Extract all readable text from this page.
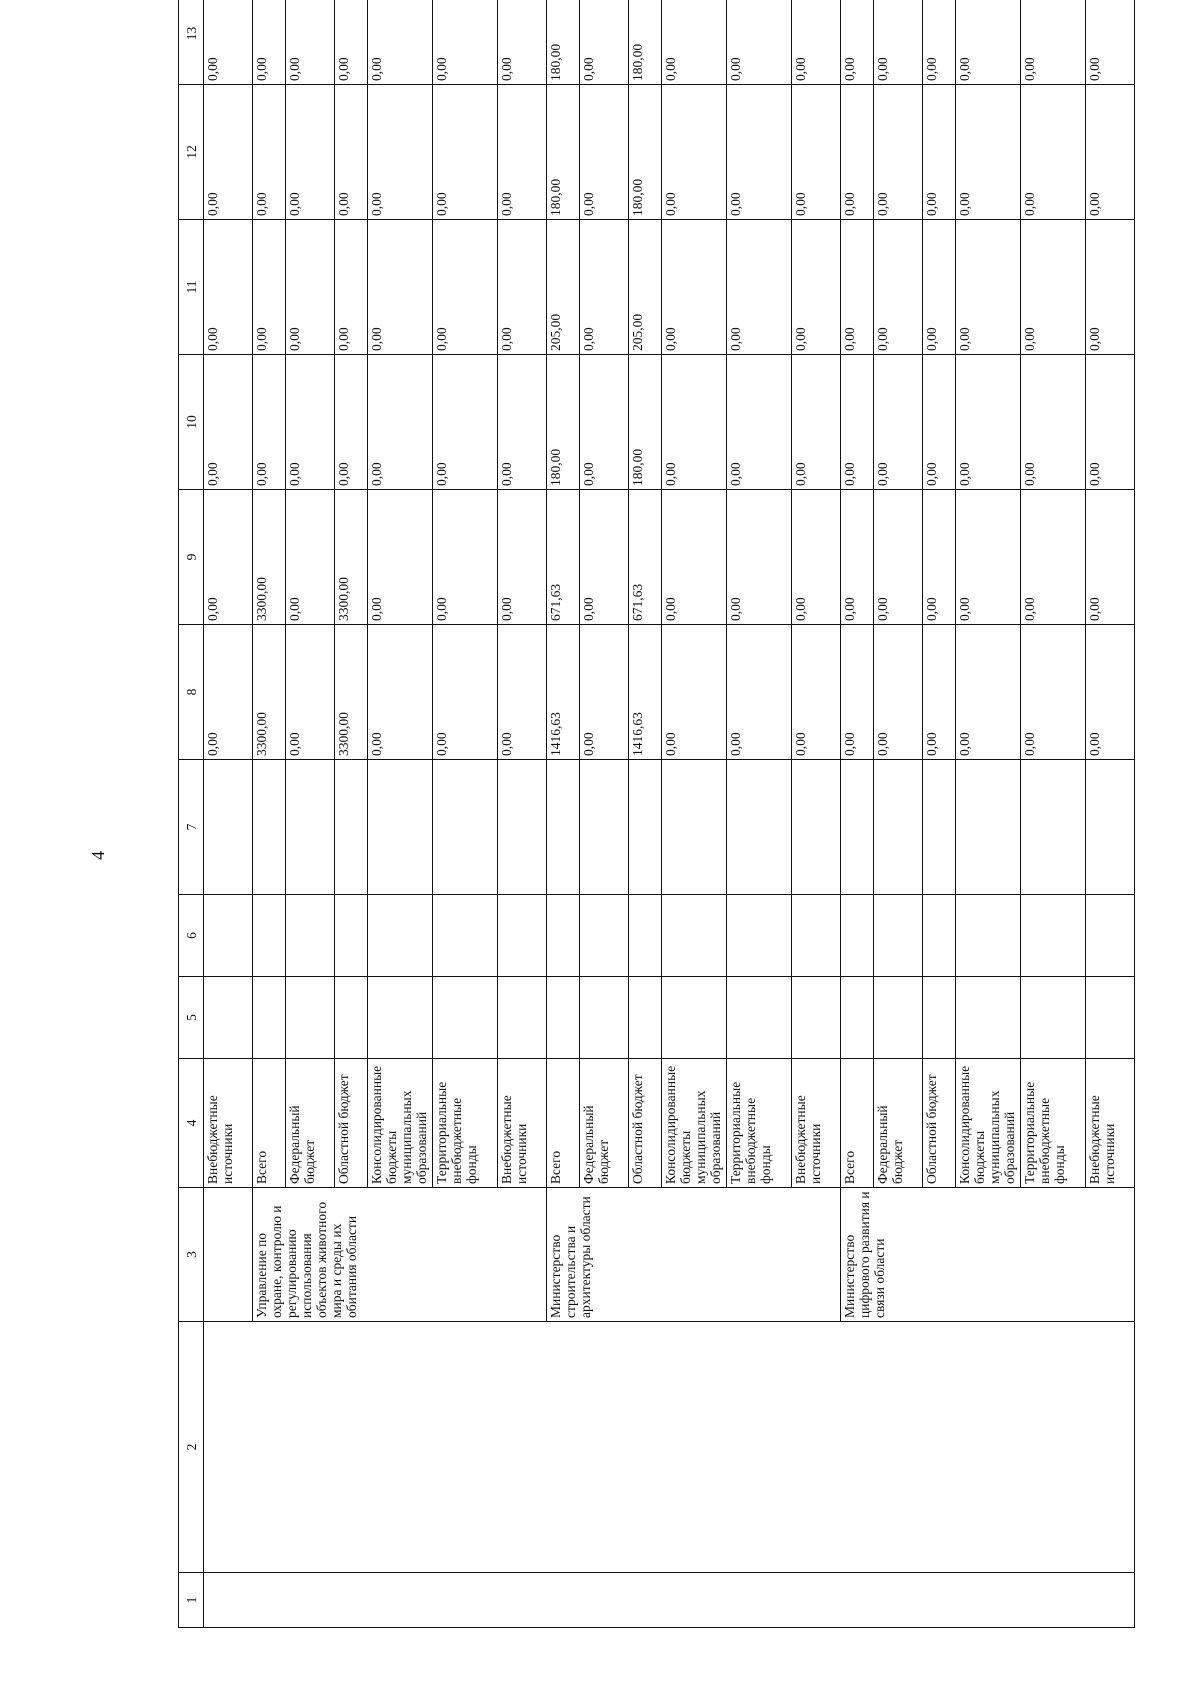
4
1	2	3	4	5	6	7	8	9	10	11	12	13
			Внебюджетные источники				0,00	0,00	0,00	0,00	0,00	0,00
		Управление по охране, контролю и регулированию использования объектов животного мира и среды их обитания области	Всего				3300,00	3300,00	0,00	0,00	0,00	0,00
			Федеральный бюджет				0,00	0,00	0,00	0,00	0,00	0,00
			Областной бюджет				3300,00	3300,00	0,00	0,00	0,00	0,00
			Консолидированные бюджеты муниципальных образований				0,00	0,00	0,00	0,00	0,00	0,00
			Территориальные внебюджетные фонды				0,00	0,00	0,00	0,00	0,00	0,00
			Внебюджетные источники				0,00	0,00	0,00	0,00	0,00	0,00
		Министерство строительства и архитектуры области	Всего				1416,63	671,63	180,00	205,00	180,00	180,00
			Федеральный бюджет				0,00	0,00	0,00	0,00	0,00	0,00
			Областной бюджет				1416,63	671,63	180,00	205,00	180,00	180,00
			Консолидированные бюджеты муниципальных образований				0,00	0,00	0,00	0,00	0,00	0,00
			Территориальные внебюджетные фонды				0,00	0,00	0,00	0,00	0,00	0,00
			Внебюджетные источники				0,00	0,00	0,00	0,00	0,00	0,00
		Министерство цифрового развития и связи области	Всего				0,00	0,00	0,00	0,00	0,00	0,00
			Федеральный бюджет				0,00	0,00	0,00	0,00	0,00	0,00
			Областной бюджет				0,00	0,00	0,00	0,00	0,00	0,00
			Консолидированные бюджеты муниципальных образований				0,00	0,00	0,00	0,00	0,00	0,00
			Территориальные внебюджетные фонды				0,00	0,00	0,00	0,00	0,00	0,00
			Внебюджетные источники				0,00	0,00	0,00	0,00	0,00	0,00
